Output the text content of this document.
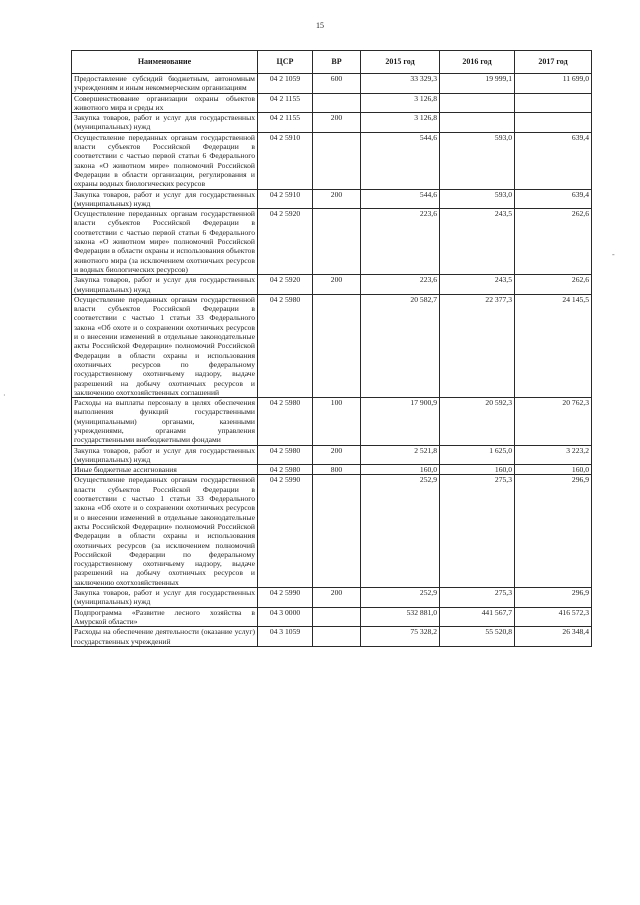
15
·
-
Наименование	ЦСР	ВР	2015 год	2016 год	2017 год
Предоставление субсидий бюджетным, автономным учреждениям и иным некоммерческим организациям	04 2 1059	600	33 329,3	19 999,1	11 699,0
Совершенствование организации охраны объектов животного мира и среды их	04 2 1155		3 126,8		
Закупка товаров, работ и услуг для государственных (муниципальных) нужд	04 2 1155	200	3 126,8		
Осуществление переданных органам государственной власти субъектов Российской Федерации в соответствии с частью первой статьи 6 Федерального закона «О животном мире» полномочий Российской Федерации в области организации, регулирования и охраны водных биологических ресурсов	04 2 5910		544,6	593,0	639,4
Закупка товаров, работ и услуг для государственных (муниципальных) нужд	04 2 5910	200	544,6	593,0	639,4
Осуществление переданных органам государственной власти субъектов Российской Федерации в соответствии с частью первой статьи 6 Федерального закона «О животном мире» полномочий Российской Федерации в области охраны и использования объектов животного мира (за исключением охотничьих ресурсов и водных биологических ресурсов)	04 2 5920		223,6	243,5	262,6
Закупка товаров, работ и услуг для государственных (муниципальных) нужд	04 2 5920	200	223,6	243,5	262,6
Осуществление переданных органам государственной власти субъектов Российской Федерации в соответствии с частью 1 статьи 33 Федерального закона «Об охоте и о сохранении охотничьих ресурсов и о внесении изменений в отдельные законодательные акты Российской Федерации» полномочий Российской Федерации в области охраны и использования охотничьих ресурсов по федеральному государственному охотничьему надзору, выдаче разрешений на добычу охотничьих ресурсов и заключению охотхозяйственных соглашений	04 2 5980		20 582,7	22 377,3	24 145,5
Расходы на выплаты персоналу в целях обеспечения выполнения функций государственными (муниципальными) органами, казенными учреждениями, органами управления государственными внебюджетными фондами	04 2 5980	100	17 900,9	20 592,3	20 762,3
Закупка товаров, работ и услуг для государственных (муниципальных) нужд	04 2 5980	200	2 521,8	1 625,0	3 223,2
Иные бюджетные ассигнования	04 2 5980	800	160,0	160,0	160,0
Осуществление переданных органам государственной власти субъектов Российской Федерации в соответствии с частью 1 статьи 33 Федерального закона «Об охоте и о сохранении охотничьих ресурсов и о внесении изменений в отдельные законодательные акты Российской Федерации» полномочий Российской Федерации в области охраны и использования охотничьих ресурсов (за исключением полномочий Российской Федерации по федеральному государственному охотничьему надзору, выдаче разрешений на добычу охотничьих ресурсов и заключению охотхозяйственных	04 2 5990		252,9	275,3	296,9
Закупка товаров, работ и услуг для государственных (муниципальных) нужд	04 2 5990	200	252,9	275,3	296,9
Подпрограмма «Развитие лесного хозяйства в Амурской области»	04 3 0000		532 881,0	441 567,7	416 572,3
Расходы на обеспечение деятельности (оказание услуг) государственных учреждений	04 3 1059		75 328,2	55 520,8	26 348,4
